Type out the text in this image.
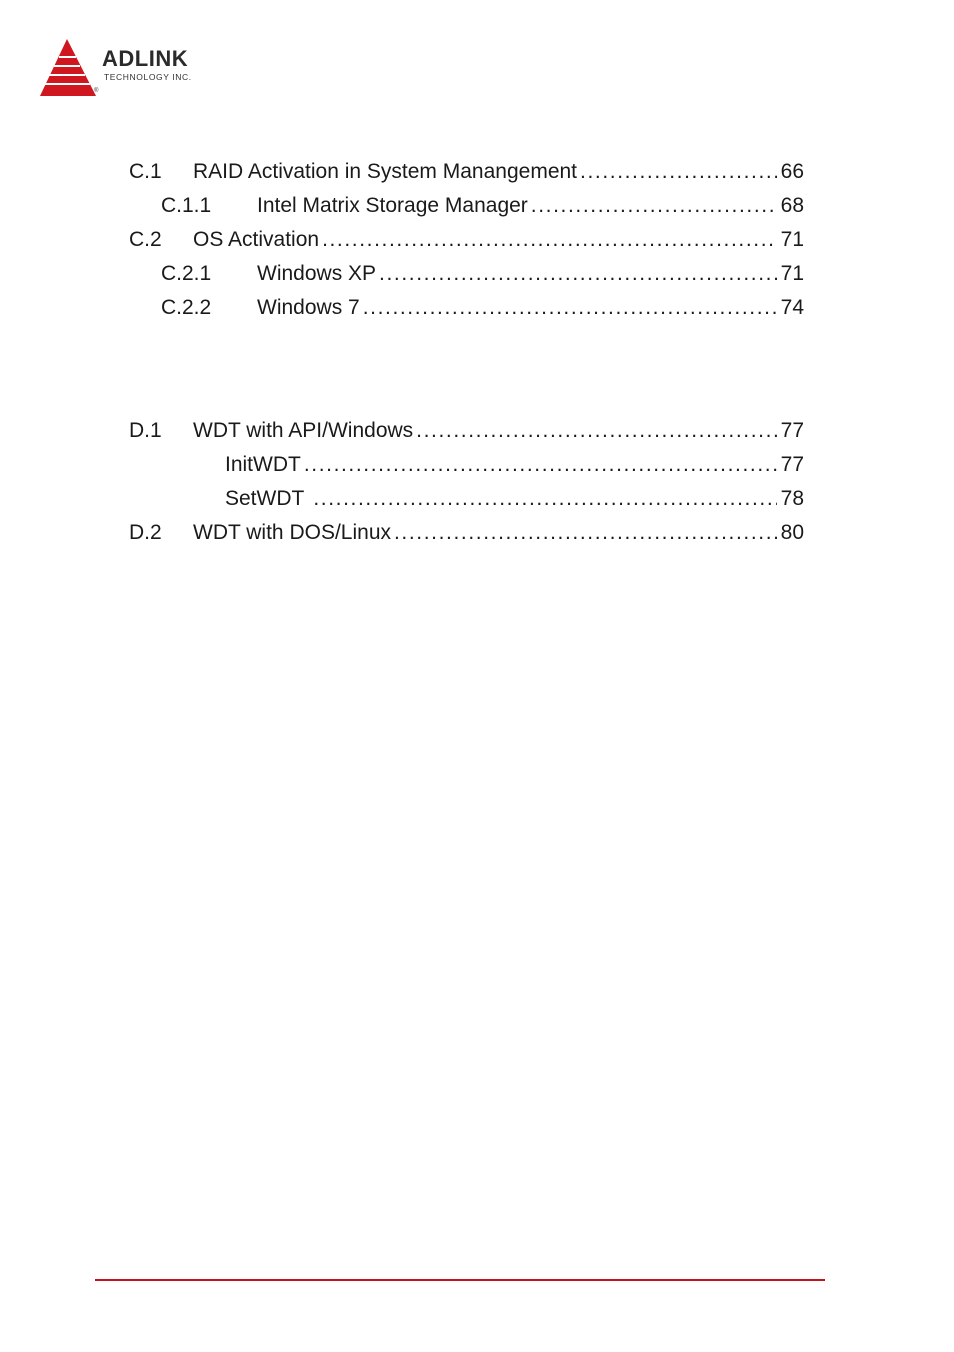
ADLINK
TECHNOLOGY INC.
®
C.1 RAID Activation in System Manangement .....	66
C.1.1 Intel Matrix Storage Manager .....	68
C.2 OS Activation .....	71
C.2.1 Windows XP .....	71
C.2.2 Windows 7 .....	74
D.1 WDT with API/Windows .....	77
InitWDT .....	77
SetWDT .....	78
D.2 WDT with DOS/Linux .....	80
